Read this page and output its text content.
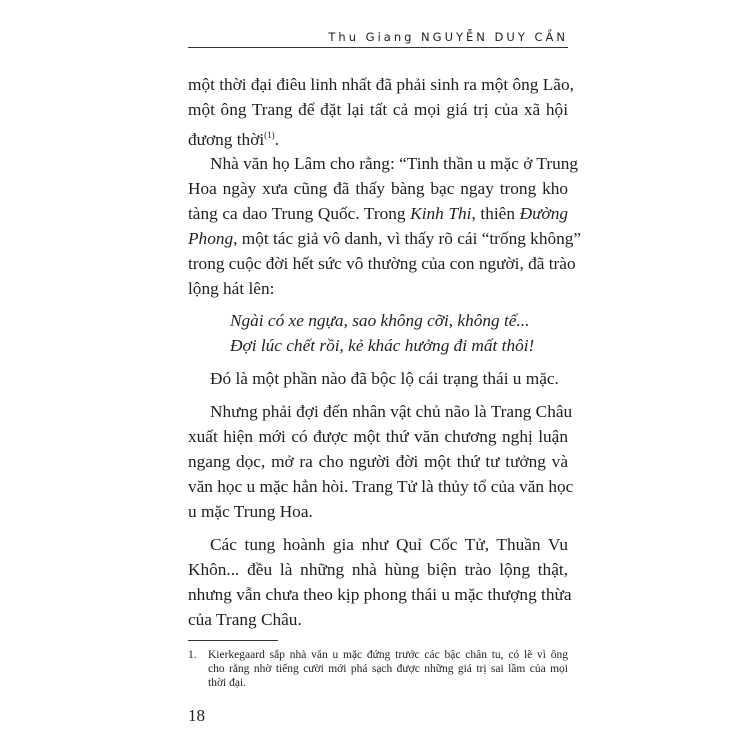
Thu Giang NGUYỄN DUY CẦN
một thời đại điêu linh nhất đã phải sinh ra một ông Lão,
một ông Trang để đặt lại tất cả mọi giá trị của xã hội
đương thời$^{(1)}$.
Nhà văn họ Lâm cho rằng: “Tinh thần u mặc ở Trung
Hoa ngày xưa cũng đã thấy bàng bạc ngay trong kho
tàng ca dao Trung Quốc. Trong Kinh Thi, thiên Đường
Phong, một tác giả vô danh, vì thấy rõ cái “trống không”
trong cuộc đời hết sức vô thường của con người, đã trào
lộng hát lên:
Ngài có xe ngựa, sao không cỡi, không tế...
Đợi lúc chết rồi, kẻ khác hưởng đi mất thôi!
Đó là một phần nào đã bộc lộ cái trạng thái u mặc.
Nhưng phải đợi đến nhân vật chủ não là Trang Châu
xuất hiện mới có được một thứ văn chương nghị luận
ngang dọc, mở ra cho người đời một thứ tư tưởng và
văn học u mặc hẳn hòi. Trang Tử là thủy tổ của văn học
u mặc Trung Hoa.
Các tung hoành gia như Quỉ Cốc Tử, Thuần Vu
Khôn... đều là những nhà hùng biện trào lộng thật,
nhưng vẫn chưa theo kịp phong thái u mặc thượng thừa
của Trang Châu.
1. Kierkegaard sắp nhà văn u mặc đứng trước các bậc chân tu, có lẽ vì ông
cho rằng nhờ tiếng cười mới phá sạch được những giá trị sai lầm của mọi
thời đại.
18
